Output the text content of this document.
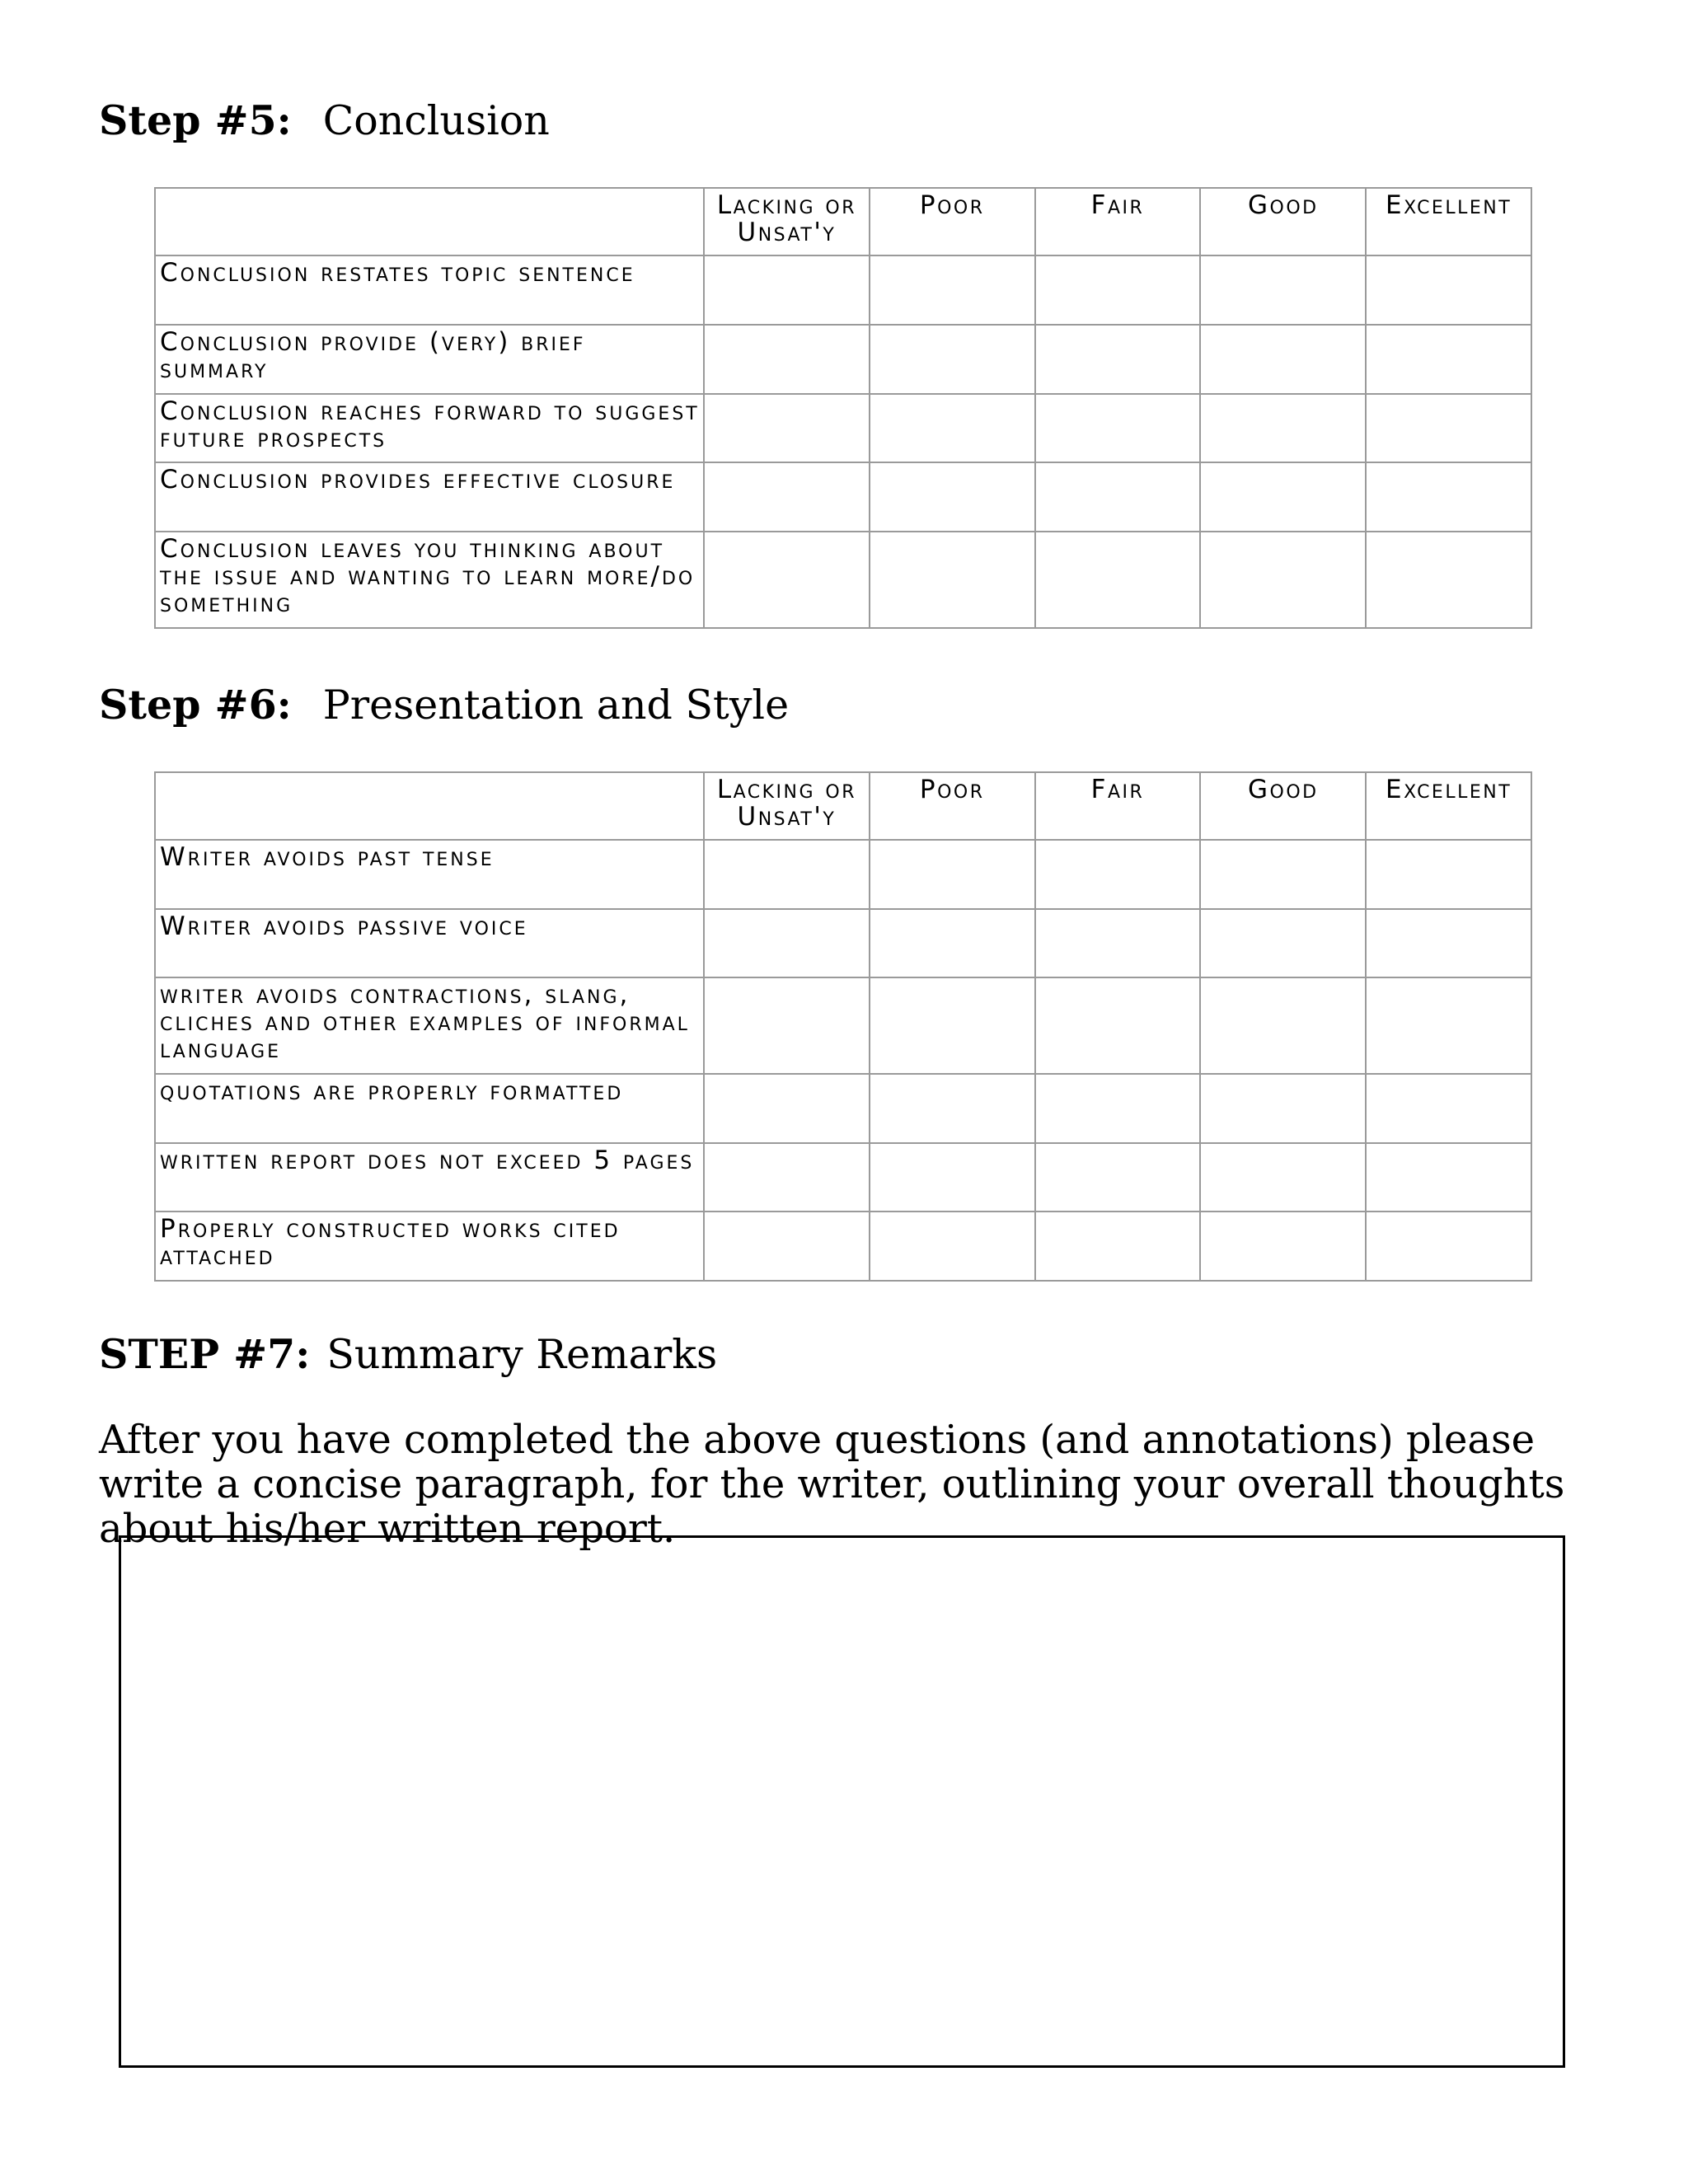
Step #5: Conclusion
	Lacking or Unsat'y	Poor	Fair	Good	Excellent
Conclusion restates topic sentence					
Conclusion provide (very) brief summary					
Conclusion reaches forward to suggest future prospects					
Conclusion provides effective closure					
Conclusion leaves you thinking about the issue and wanting to learn more/do something					
Step #6: Presentation and Style
	Lacking or Unsat'y	Poor	Fair	Good	Excellent
Writer avoids past tense					
Writer avoids passive voice					
writer avoids contractions, slang, cliches and other examples of informal language					
quotations are properly formatted					
written report does not exceed 5 pages					
Properly constructed works cited attached					
STEP #7: Summary Remarks
After you have completed the above questions (and annotations) please write a concise paragraph, for the writer, outlining your overall thoughts about his/her written report.
